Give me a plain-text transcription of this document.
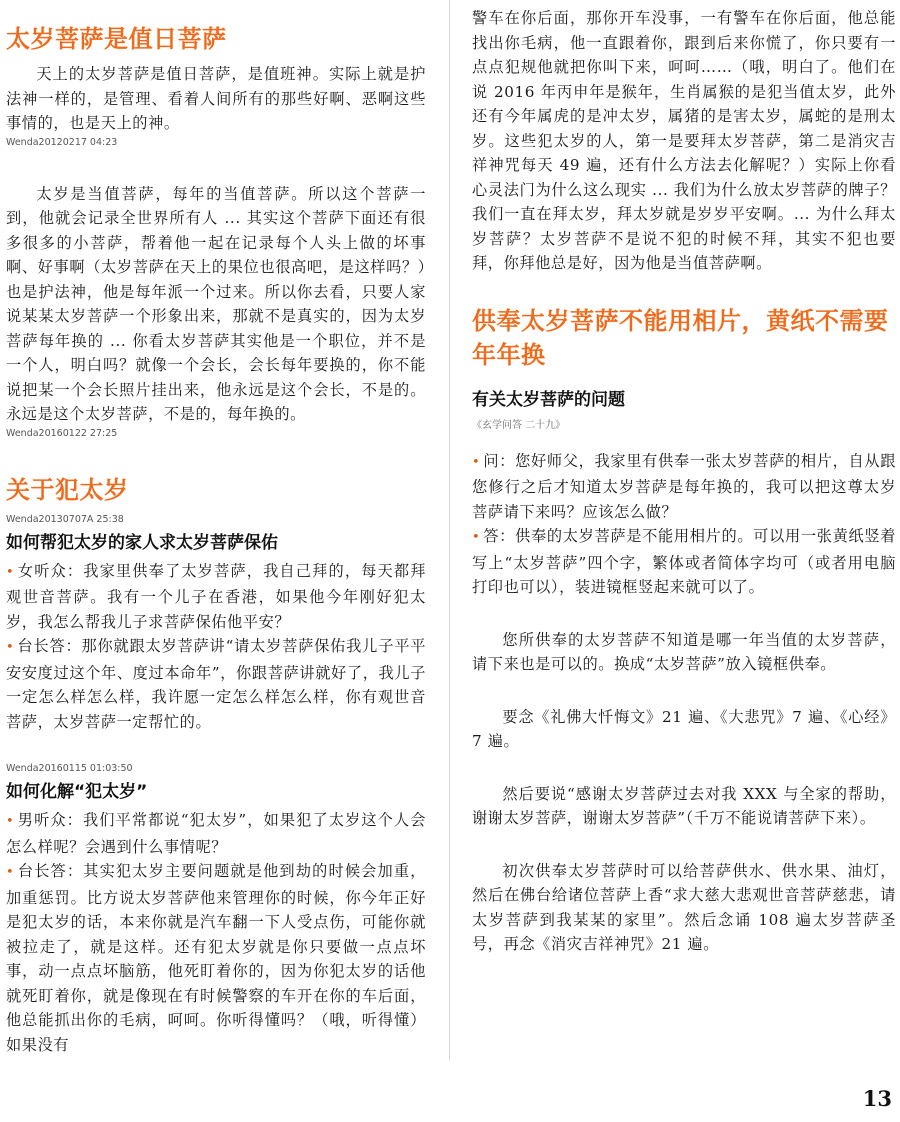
太岁菩萨是值日菩萨

天上的太岁菩萨是值日菩萨，是值班神。实际上就是护法神一样的，是管理、看着人间所有的那些好啊、恶啊这些事情的，也是天上的神。

Wenda20120217 04:23

太岁是当值菩萨，每年的当值菩萨。所以这个菩萨一到，他就会记录全世界所有人 ... 其实这个菩萨下面还有很多很多的小菩萨，帮着他一起在记录每个人头上做的坏事啊、好事啊（太岁菩萨在天上的果位也很高吧，是这样吗？）也是护法神，他是每年派一个过来。所以你去看，只要人家说某某太岁菩萨一个形象出来，那就不是真实的，因为太岁菩萨每年换的 ... 你看太岁菩萨其实他是一个职位，并不是一个人，明白吗？就像一个会长，会长每年要换的，你不能说把某一个会长照片挂出来，他永远是这个会长，不是的。永远是这个太岁菩萨，不是的，每年换的。

Wenda20160122 27:25
关于犯太岁
Wenda20130707A 25:38
如何帮犯太岁的家人求太岁菩萨保佑

• 女听众：我家里供奉了太岁菩萨，我自己拜的，每天都拜观世音菩萨。我有一个儿子在香港，如果他今年刚好犯太岁，我怎么帮我儿子求菩萨保佑他平安？

• 台长答：那你就跟太岁菩萨讲“请太岁菩萨保佑我儿子平平安安度过这个年、度过本命年”，你跟菩萨讲就好了，我儿子一定怎么样怎么样，我许愿一定怎么样怎么样，你有观世音菩萨，太岁菩萨一定帮忙的。

Wenda20160115 01:03:50
如何化解“犯太岁”

• 男听众：我们平常都说“犯太岁”，如果犯了太岁这个人会怎么样呢？会遇到什么事情呢？

• 台长答：其实犯太岁主要问题就是他到劫的时候会加重，加重惩罚。比方说太岁菩萨他来管理你的时候，你今年正好是犯太岁的话，本来你就是汽车翻一下人受点伤，可能你就被拉走了，就是这样。还有犯太岁就是你只要做一点点坏事，动一点点坏脑筋，他死盯着你的，因为你犯太岁的话他就死盯着你，就是像现在有时候警察的车开在你的车后面，他总能抓出你的毛病，呵呵。你听得懂吗？（哦，听得懂）如果没有

警车在你后面，那你开车没事，一有警车在你后面，他总能找出你毛病，他一直跟着你，跟到后来你慌了，你只要有一点点犯规他就把你叫下来，呵呵……（哦，明白了。他们在说 2016 年丙申年是猴年，生肖属猴的是犯当值太岁，此外还有今年属虎的是冲太岁，属猪的是害太岁，属蛇的是刑太岁。这些犯太岁的人，第一是要拜太岁菩萨，第二是消灾吉祥神咒每天 49 遍，还有什么方法去化解呢？）实际上你看心灵法门为什么这么现实 ... 我们为什么放太岁菩萨的牌子？我们一直在拜太岁，拜太岁就是岁岁平安啊。... 为什么拜太岁菩萨？太岁菩萨不是说不犯的时候不拜，其实不犯也要拜，你拜他总是好，因为他是当值菩萨啊。

供奉太岁菩萨不能用相片，黄纸不需要年年换
有关太岁菩萨的问题
《玄学问答 二十九》

• 问：您好师父，我家里有供奉一张太岁菩萨的相片，自从跟您修行之后才知道太岁菩萨是每年换的，我可以把这尊太岁菩萨请下来吗？应该怎么做？

• 答：供奉的太岁菩萨是不能用相片的。可以用一张黄纸竖着写上“太岁菩萨”四个字，繁体或者简体字均可（或者用电脑打印也可以），装进镜框竖起来就可以了。

您所供奉的太岁菩萨不知道是哪一年当值的太岁菩萨，请下来也是可以的。换成“太岁菩萨”放入镜框供奉。

要念《礼佛大忏悔文》21 遍、《大悲咒》7 遍、《心经》7 遍。

然后要说“感谢太岁菩萨过去对我 XXX 与全家的帮助，谢谢太岁菩萨，谢谢太岁菩萨”（千万不能说请菩萨下来）。

初次供奉太岁菩萨时可以给菩萨供水、供水果、油灯，然后在佛台给诸位菩萨上香“求大慈大悲观世音菩萨慈悲，请太岁菩萨到我某某的家里”。然后念诵 108 遍太岁菩萨圣号，再念《消灾吉祥神咒》21 遍。

13
